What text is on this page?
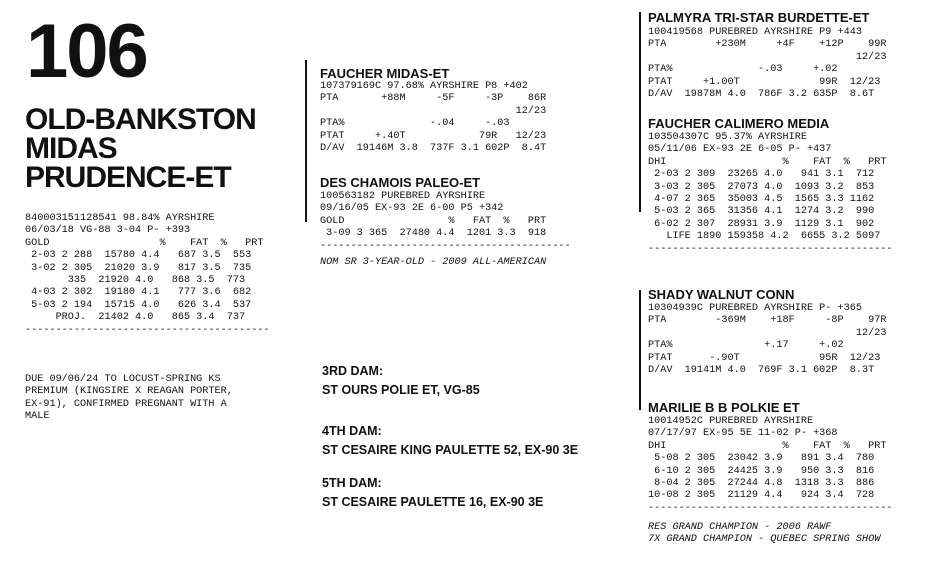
106
OLD-BANKSTON
MIDAS
PRUDENCE-ET
840003151128541 98.84% AYRSHIRE
06/03/18 VG-88 3-04 P- +393
GOLD                  %    FAT  %   PRT
2-03 2 288  15780 4.4   687 3.5  553
3-02 2 305  21020 3.9   817 3.5  735
335  21920 4.0   868 3.5  773
4-03 2 302  19180 4.1   777 3.6  682
5-03 2 194  15715 4.0   626 3.4  537
PROJ.  21402 4.0   865 3.4  737
----------------------------------------
DUE 09/06/24 TO LOCUST-SPRING KS
PREMIUM (KINGSIRE X REAGAN PORTER,
EX-91), CONFIRMED PREGNANT WITH A
MALE
FAUCHER MIDAS-ET
107379169C 97.68% AYRSHIRE P8 +402
PTA       +88M     -5F     -3P    86R
12/23
PTA%              -.04     -.03
PTAT     +.40T            79R   12/23
D/AV  19146M 3.8  737F 3.1 602P  8.4T
DES CHAMOIS PALEO-ET
100563182 PUREBRED AYRSHIRE
09/16/05 EX-93 2E 6-00 P5 +342
GOLD                 %   FAT  %   PRT
3-09 3 365  27480 4.4  1201 3.3  918
-----------------------------------------
NOM SR 3-YEAR-OLD - 2009 ALL-AMERICAN
3RD DAM:
ST OURS POLIE ET, VG-85
4TH DAM:
ST CESAIRE KING PAULETTE 52, EX-90 3E
5TH DAM:
ST CESAIRE PAULETTE 16, EX-90 3E
PALMYRA TRI-STAR BURDETTE-ET
100419568 PUREBRED AYRSHIRE P9 +443
PTA        +230M     +4F    +12P    99R
12/23
PTA%              -.03     +.02
PTAT     +1.00T             99R  12/23
D/AV  19878M 4.0  786F 3.2 635P  8.6T
FAUCHER CALIMERO MEDIA
103504307C 95.37% AYRSHIRE
05/11/06 EX-93 2E 6-05 P- +437
DHI                   %    FAT  %   PRT
2-03 2 309  23265 4.0   941 3.1  712
3-03 2 305  27073 4.0  1093 3.2  853
4-07 2 365  35003 4.5  1565 3.3 1162
5-03 2 365  31356 4.1  1274 3.2  990
6-02 2 307  28931 3.9  1129 3.1  902
LIFE 1890 159358 4.2  6655 3.2 5097
----------------------------------------
SHADY WALNUT CONN
10304939C PUREBRED AYRSHIRE P- +365
PTA        -369M    +18F     -8P    97R
12/23
PTA%               +.17     +.02
PTAT      -.90T             95R  12/23
D/AV  19141M 4.0  769F 3.1 602P  8.3T
MARILIE B B POLKIE ET
10014952C PUREBRED AYRSHIRE
07/17/97 EX-95 5E 11-02 P- +368
DHI                   %    FAT  %   PRT
5-08 2 305  23042 3.9   891 3.4  780
6-10 2 305  24425 3.9   950 3.3  816
8-04 2 305  27244 4.8  1318 3.3  886
10-08 2 305  21129 4.4   924 3.4  728
----------------------------------------
RES GRAND CHAMPION - 2006 RAWF
7X GRAND CHAMPION - QUEBEC SPRING SHOW
